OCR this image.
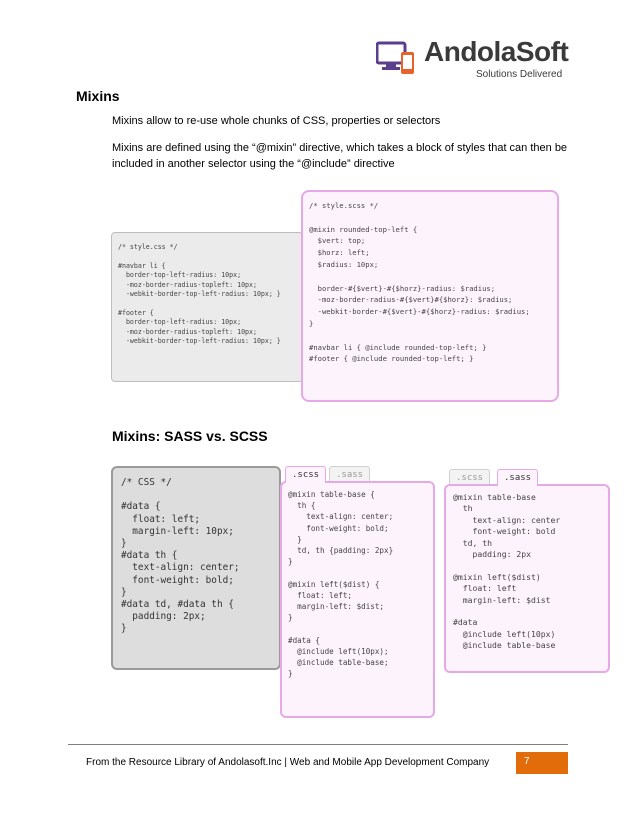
AndolaSoft
Solutions Delivered
Mixins
Mixins allow to re-use whole chunks of CSS, properties or selectors
Mixins are defined using the “@mixin” directive, which takes a block of styles that can then be included in another selector using the “@include” directive
/* style.css */

#navbar li {
border-top-left-radius: 10px;
-moz-border-radius-topleft: 10px;
-webkit-border-top-left-radius: 10px; }

#footer {
border-top-left-radius: 10px;
-moz-border-radius-topleft: 10px;
-webkit-border-top-left-radius: 10px; }
/* style.scss */

@mixin rounded-top-left {
$vert: top;
$horz: left;
$radius: 10px;

border-#{$vert}-#{$horz}-radius: $radius;
-moz-border-radius-#{$vert}#{$horz}: $radius;
-webkit-border-#{$vert}-#{$horz}-radius: $radius;
}

#navbar li { @include rounded-top-left; }
#footer { @include rounded-top-left; }
Mixins: SASS vs. SCSS
/* CSS */

#data {
float: left;
margin-left: 10px;
}
#data th {
text-align: center;
font-weight: bold;
}
#data td, #data th {
padding: 2px;
}
.scss	.sass
@mixin table-base {
th {
text-align: center;
font-weight: bold;
}
td, th {padding: 2px}
}

@mixin left($dist) {
float: left;
margin-left: $dist;
}

#data {
@include left(10px);
@include table-base;
}
.scss	.sass
@mixin table-base
th
text-align: center
font-weight: bold
td, th
padding: 2px

@mixin left($dist)
float: left
margin-left: $dist

#data
@include left(10px)
@include table-base
From the Resource Library of Andolasoft.Inc | Web and Mobile App Development Company	7
